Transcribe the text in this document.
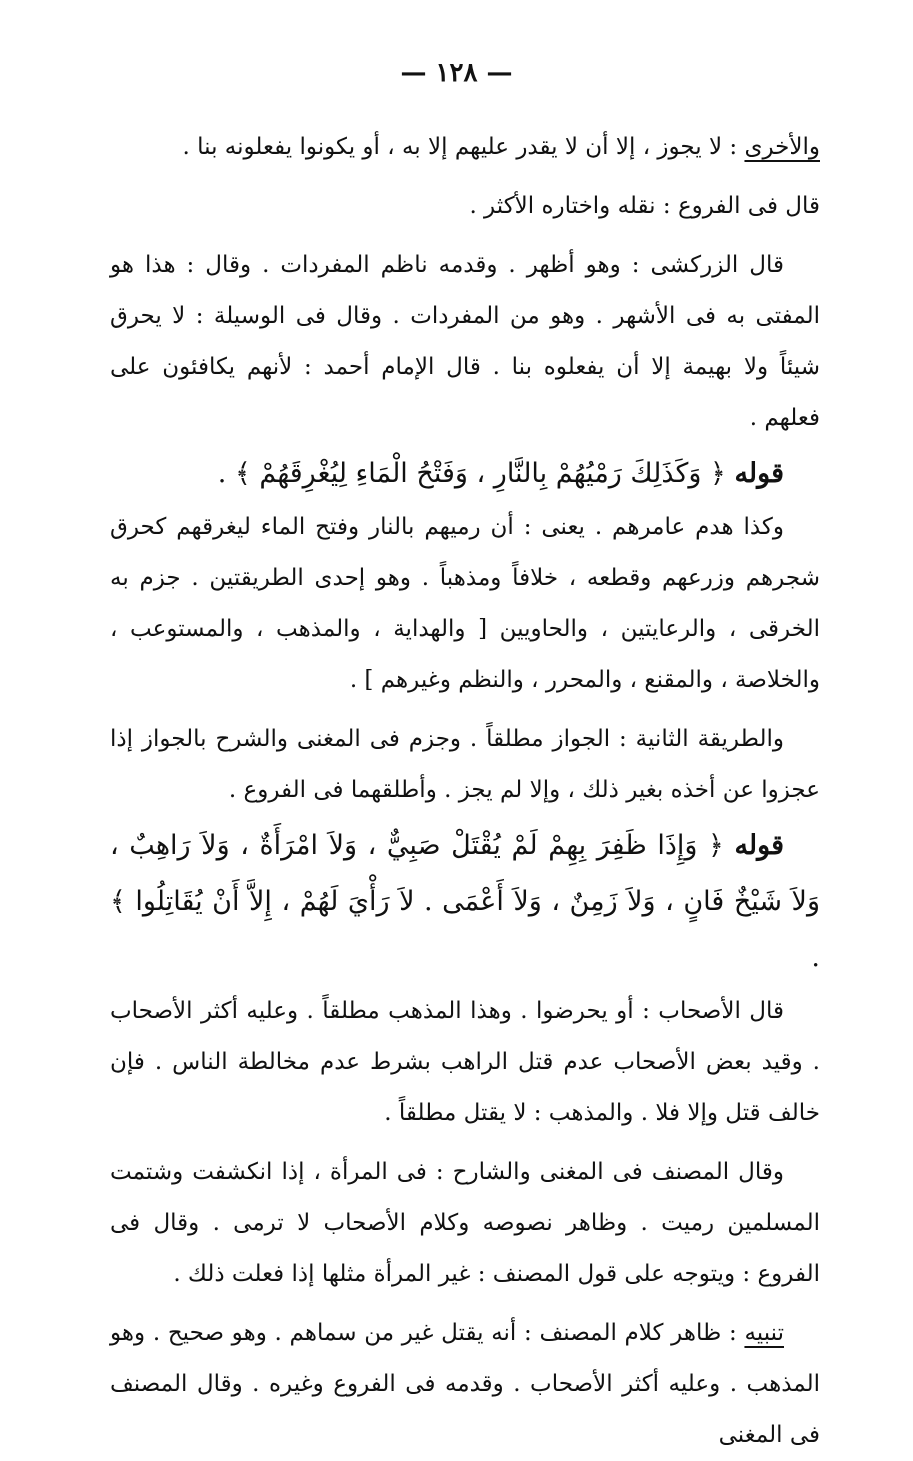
— ١٢٨ —

والأخرى : لا يجوز ، إلا أن لا يقدر عليهم إلا به ، أو يكونوا يفعلونه بنا .

قال فى الفروع : نقله واختاره الأكثر .

قال الزركشى : وهو أظهر . وقدمه ناظم المفردات . وقال : هذا هو المفتى به فى الأشهر . وهو من المفردات . وقال فى الوسيلة : لا يحرق شيئاً ولا بهيمة إلا أن يفعلوه بنا . قال الإمام أحمد : لأنهم يكافئون على فعلهم .

قوله ﴿ وَكَذَلِكَ رَمْيُهُمْ بِالنَّارِ ، وَفَتْحُ الْمَاءِ لِيُغْرِقَهُمْ ﴾ .

وكذا هدم عامرهم . يعنى : أن رميهم بالنار وفتح الماء ليغرقهم كحرق شجرهم وزرعهم وقطعه ، خلافاً ومذهباً . وهو إحدى الطريقتين . جزم به الخرقى ، والرعايتين ، والحاويين [ والهداية ، والمذهب ، والمستوعب ، والخلاصة ، والمقنع ، والمحرر ، والنظم وغيرهم ] .

والطريقة الثانية : الجواز مطلقاً . وجزم فى المغنى والشرح بالجواز إذا عجزوا عن أخذه بغير ذلك ، وإلا لم يجز . وأطلقهما فى الفروع .

قوله ﴿ وَإِذَا ظَفِرَ بِهِمْ لَمْ يُقْتَلْ صَبِيٌّ ، وَلاَ امْرَأَةٌ ، وَلاَ رَاهِبٌ ، وَلاَ شَيْخٌ فَانٍ ، وَلاَ زَمِنٌ ، وَلاَ أَعْمَى . لاَ رَأْيَ لَهُمْ ، إِلاَّ أَنْ يُقَاتِلُوا ﴾ .

قال الأصحاب : أو يحرضوا . وهذا المذهب مطلقاً . وعليه أكثر الأصحاب . وقيد بعض الأصحاب عدم قتل الراهب بشرط عدم مخالطة الناس . فإن خالف قتل وإلا فلا . والمذهب : لا يقتل مطلقاً .

وقال المصنف فى المغنى والشارح : فى المرأة ، إذا انكشفت وشتمت المسلمين رميت . وظاهر نصوصه وكلام الأصحاب لا ترمى . وقال فى الفروع : ويتوجه على قول المصنف : غير المرأة مثلها إذا فعلت ذلك .

تنبيه : ظاهر كلام المصنف : أنه يقتل غير من سماهم . وهو صحيح . وهو المذهب . وعليه أكثر الأصحاب . وقدمه فى الفروع وغيره . وقال المصنف فى المغنى
